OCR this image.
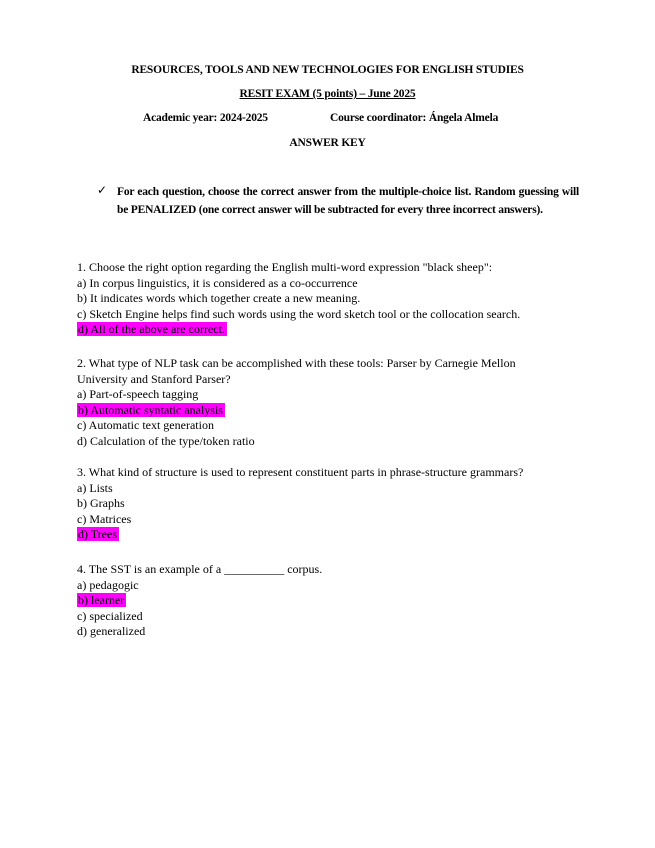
RESOURCES, TOOLS AND NEW TECHNOLOGIES FOR ENGLISH STUDIES
RESIT EXAM (5 points) – June 2025
Academic year: 2024-2025	Course coordinator: Ángela Almela
ANSWER KEY
✓ For each question, choose the correct answer from the multiple-choice list. Random guessing will be PENALIZED (one correct answer will be subtracted for every three incorrect answers).
1. Choose the right option regarding the English multi-word expression "black sheep":
a) In corpus linguistics, it is considered as a co-occurrence
b) It indicates words which together create a new meaning.
c) Sketch Engine helps find such words using the word sketch tool or the collocation search.
d) All of the above are correct.
2. What type of NLP task can be accomplished with these tools: Parser by Carnegie Mellon
University and Stanford Parser?
a) Part-of-speech tagging
b) Automatic syntatic analysis
c) Automatic text generation
d) Calculation of the type/token ratio
3. What kind of structure is used to represent constituent parts in phrase-structure grammars?
a) Lists
b) Graphs
c) Matrices
d) Trees
4. The SST is an example of a __________ corpus.
a) pedagogic
b) learner
c) specialized
d) generalized
